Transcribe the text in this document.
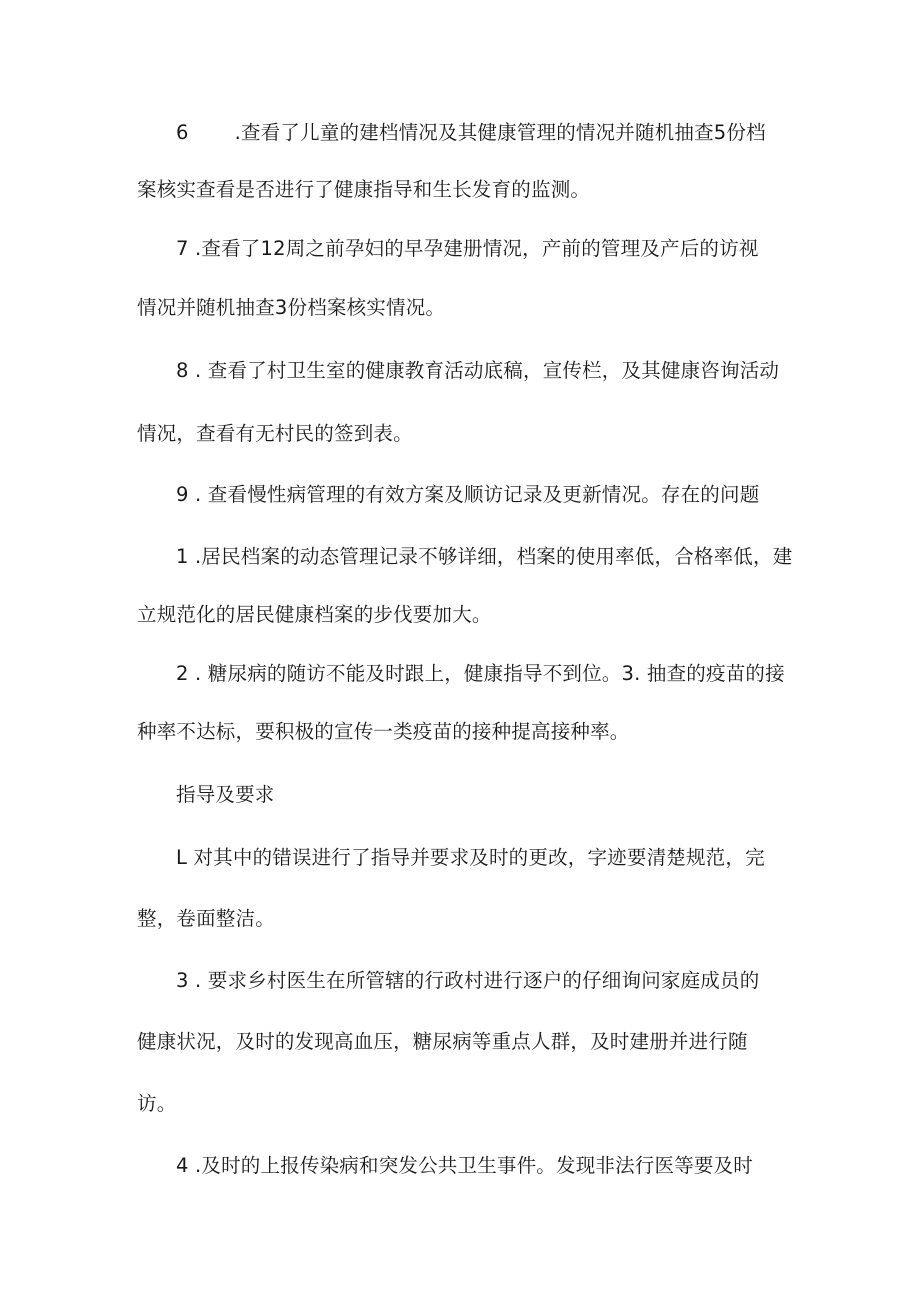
6 .查看了儿童的建档情况及其健康管理的情况并随机抽查5份档
案核实查看是否进行了健康指导和生长发育的监测。
7 .查看了12周之前孕妇的早孕建册情况，产前的管理及产后的访视
情况并随机抽查3份档案核实情况。
8 . 查看了村卫生室的健康教育活动底稿，宣传栏，及其健康咨询活动
情况，查看有无村民的签到表。
9 . 查看慢性病管理的有效方案及顺访记录及更新情况。存在的问题
1 .居民档案的动态管理记录不够详细，档案的使用率低，合格率低，建
立规范化的居民健康档案的步伐要加大。
2 . 糖尿病的随访不能及时跟上，健康指导不到位。3. 抽查的疫苗的接
种率不达标，要积极的宣传一类疫苗的接种提高接种率。
指导及要求
L 对其中的错误进行了指导并要求及时的更改，字迹要清楚规范，完
整，卷面整洁。
3 . 要求乡村医生在所管辖的行政村进行逐户的仔细询问家庭成员的
健康状况，及时的发现高血压，糖尿病等重点人群，及时建册并进行随
访。
4 .及时的上报传染病和突发公共卫生事件。发现非法行医等要及时
